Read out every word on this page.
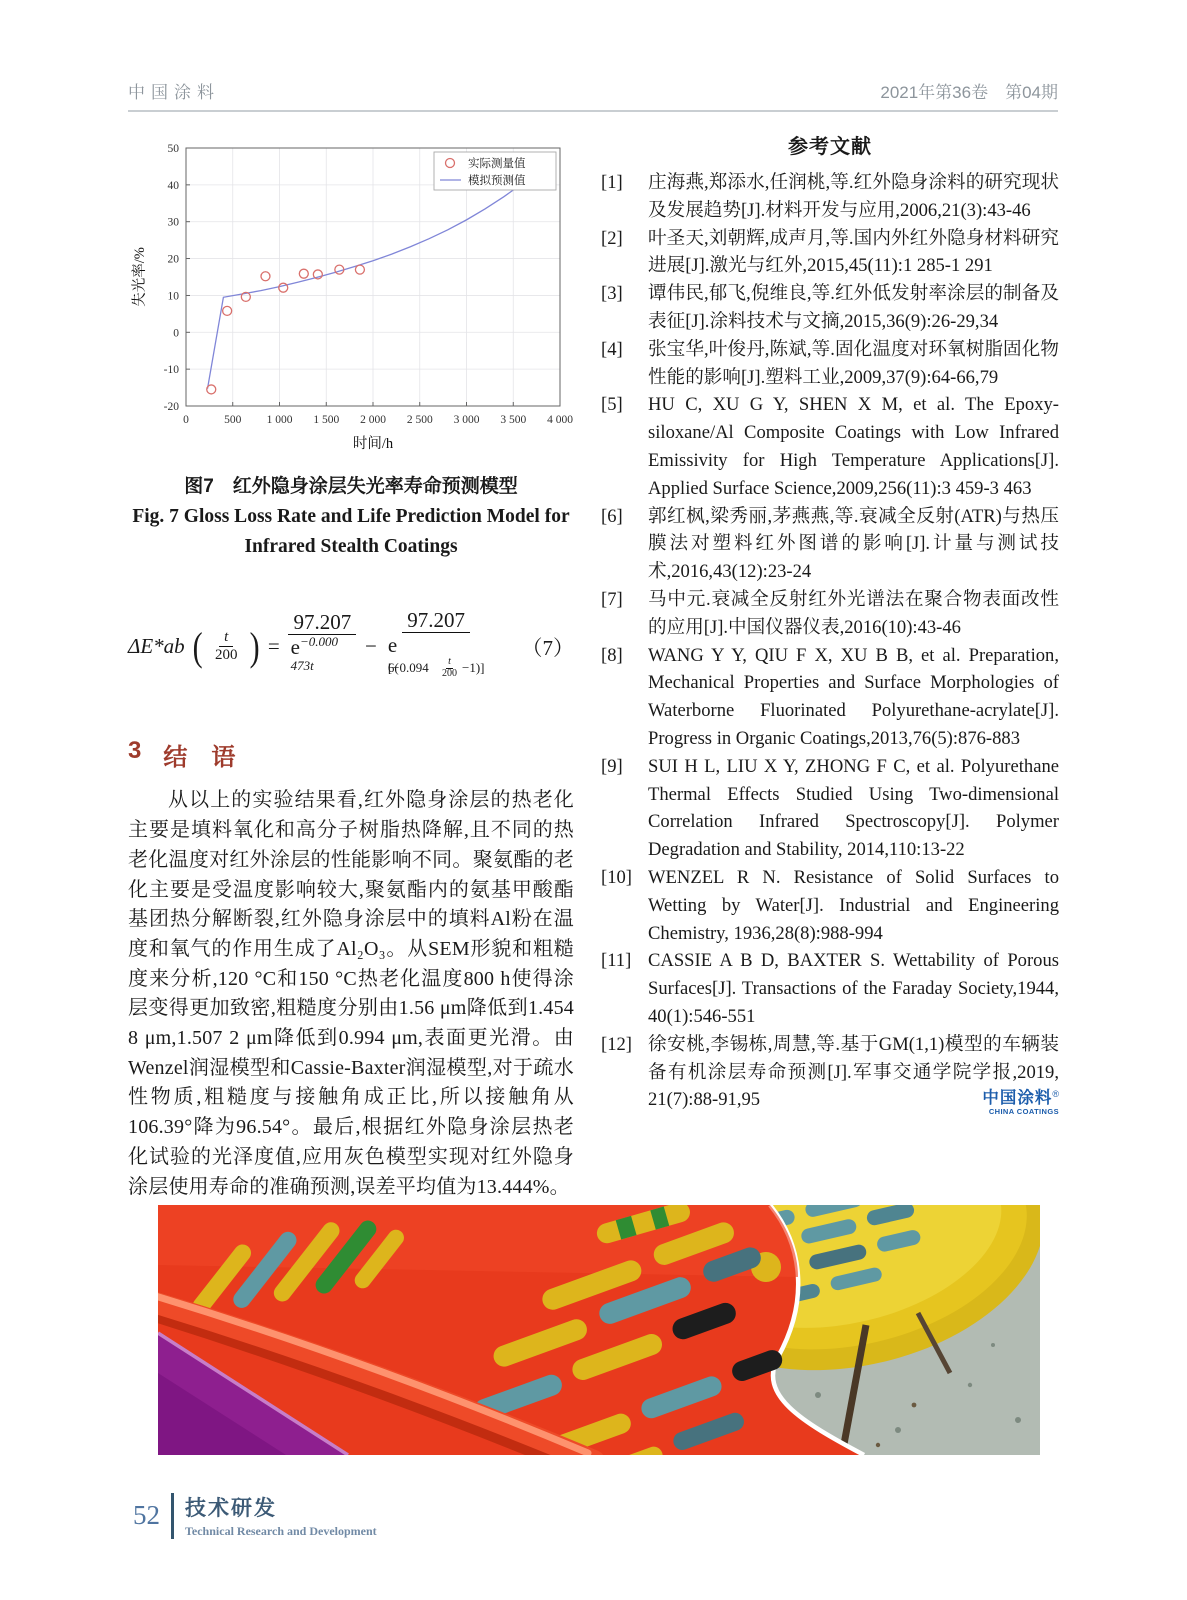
中国涂料	2021年第36卷　第04期
0	500 1 000 1 500 2 000 2 500 3 000 3 500 4 000
-20
-10
0
10
20
30
40
50
实际测量值
模拟预测值
时间/h
失光率/%
图7　红外隐身涂层失光率寿命预测模型
Fig. 7 Gloss Loss Rate and Life Prediction Model for
Infrared Stealth Coatings
ΔE*ab ( $\frac{t}{200}$ ) = $\frac{97.207}{e^{-0.000 473t}} - 97.207$
e
[−0.094 6(	t
200 −1)] （7）
3 结　语
从以上的实验结果看,红外隐身涂层的热老化主要是填料氧化和高分子树脂热降解,且不同的热老化温度对红外涂层的性能影响不同。聚氨酯的老化主要是受温度影响较大,聚氨酯内的氨基甲酸酯基团热分解断裂,红外隐身涂层中的填料Al粉在温度和氧气的作用生成了Al₂O₃。从SEM形貌和粗糙度来分析,120 °C和150 °C热老化温度800 h使得涂层变得更加致密,粗糙度分别由1.56 μm降低到1.454 8 μm,1.507 2 μm降低到0.994 μm,表面更光滑。由Wenzel润湿模型和Cassie-Baxter润湿模型,对于疏水性物质,粗糙度与接触角成正比,所以接触角从106.39°降为96.54°。最后,根据红外隐身涂层热老化试验的光泽度值,应用灰色模型实现对红外隐身涂层使用寿命的准确预测,误差平均值为13.444%。
参考文献
[1]	庄海燕,郑添水,任润桃,等.红外隐身涂料的研究现状及发展趋势[J].材料开发与应用,2006,21(3):43-46
[2]	叶圣天,刘朝辉,成声月,等.国内外红外隐身材料研究进展[J].激光与红外,2015,45(11):1 285-1 291
[3]	谭伟民,郁飞,倪维良,等.红外低发射率涂层的制备及表征[J].涂料技术与文摘,2015,36(9):26-29,34
[4]	张宝华,叶俊丹,陈斌,等.固化温度对环氧树脂固化物性能的影响[J].塑料工业,2009,37(9):64-66,79
[5]	HU C, XU G Y, SHEN X M, et al. The Epoxy-siloxane/Al Composite Coatings with Low Infrared Emissivity for High Temperature Applications[J]. Applied Surface Science,2009,256(11):3 459-3 463
[6]	郭红枫,梁秀丽,茅燕燕,等.衰减全反射(ATR)与热压膜法对塑料红外图谱的影响[J].计量与测试技术,2016,43(12):23-24
[7]	马中元.衰减全反射红外光谱法在聚合物表面改性的应用[J].中国仪器仪表,2016(10):43-46
[8]	WANG Y Y, QIU F X, XU B B, et al. Preparation, Mechanical Properties and Surface Morphologies of Waterborne Fluorinated Polyurethane-acrylate[J]. Progress in Organic Coatings,2013,76(5):876-883
[9]	SUI H L, LIU X Y, ZHONG F C, et al. Polyurethane Thermal Effects Studied Using Two-dimensional Correlation Infrared Spectroscopy[J]. Polymer Degradation and Stability, 2014,110:13-22
[10] WENZEL R N. Resistance of Solid Surfaces to Wetting by Water[J]. Industrial and Engineering Chemistry, 1936,28(8):988-994
[11] CASSIE A B D, BAXTER S. Wettability of Porous Surfaces[J]. Transactions of the Faraday Society,1944, 40(1):546-551
[12] 徐安桃,李锡栋,周慧,等.基于GM(1,1)模型的车辆装备有机涂层寿命预测[J].军事交通学院学报,2019, 21(7):88-91,95	中国涂料®
CHINA COATINGS
52 技术研发
Technical Research and Development
